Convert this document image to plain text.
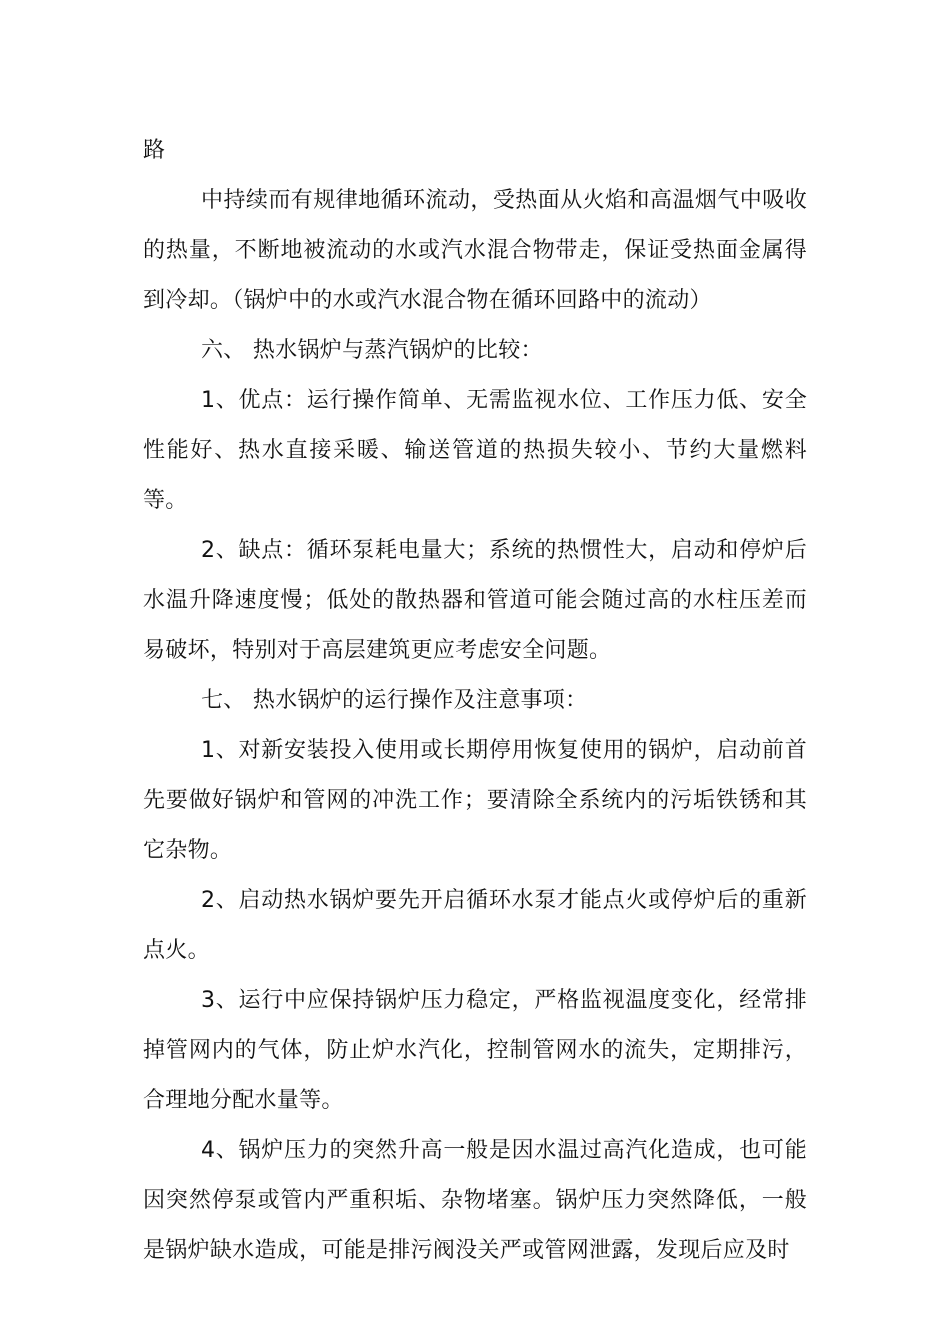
路

中持续而有规律地循环流动，受热面从火焰和高温烟气中吸收的热量，不断地被流动的水或汽水混合物带走，保证受热面金属得到冷却。（锅炉中的水或汽水混合物在循环回路中的流动）

六、 热水锅炉与蒸汽锅炉的比较：

1、优点：运行操作简单、无需监视水位、工作压力低、安全性能好、热水直接采暖、输送管道的热损失较小、节约大量燃料等。

2、缺点：循环泵耗电量大；系统的热惯性大，启动和停炉后水温升降速度慢；低处的散热器和管道可能会随过高的水柱压差而易破坏，特别对于高层建筑更应考虑安全问题。

七、 热水锅炉的运行操作及注意事项：

1、对新安装投入使用或长期停用恢复使用的锅炉，启动前首先要做好锅炉和管网的冲洗工作；要清除全系统内的污垢铁锈和其它杂物。

2、启动热水锅炉要先开启循环水泵才能点火或停炉后的重新点火。

3、运行中应保持锅炉压力稳定，严格监视温度变化，经常排掉管网内的气体，防止炉水汽化，控制管网水的流失，定期排污，合理地分配水量等。

4、锅炉压力的突然升高一般是因水温过高汽化造成，也可能因突然停泵或管内严重积垢、杂物堵塞。锅炉压力突然降低，一般是锅炉缺水造成，可能是排污阀没关严或管网泄露，发现后应及时
